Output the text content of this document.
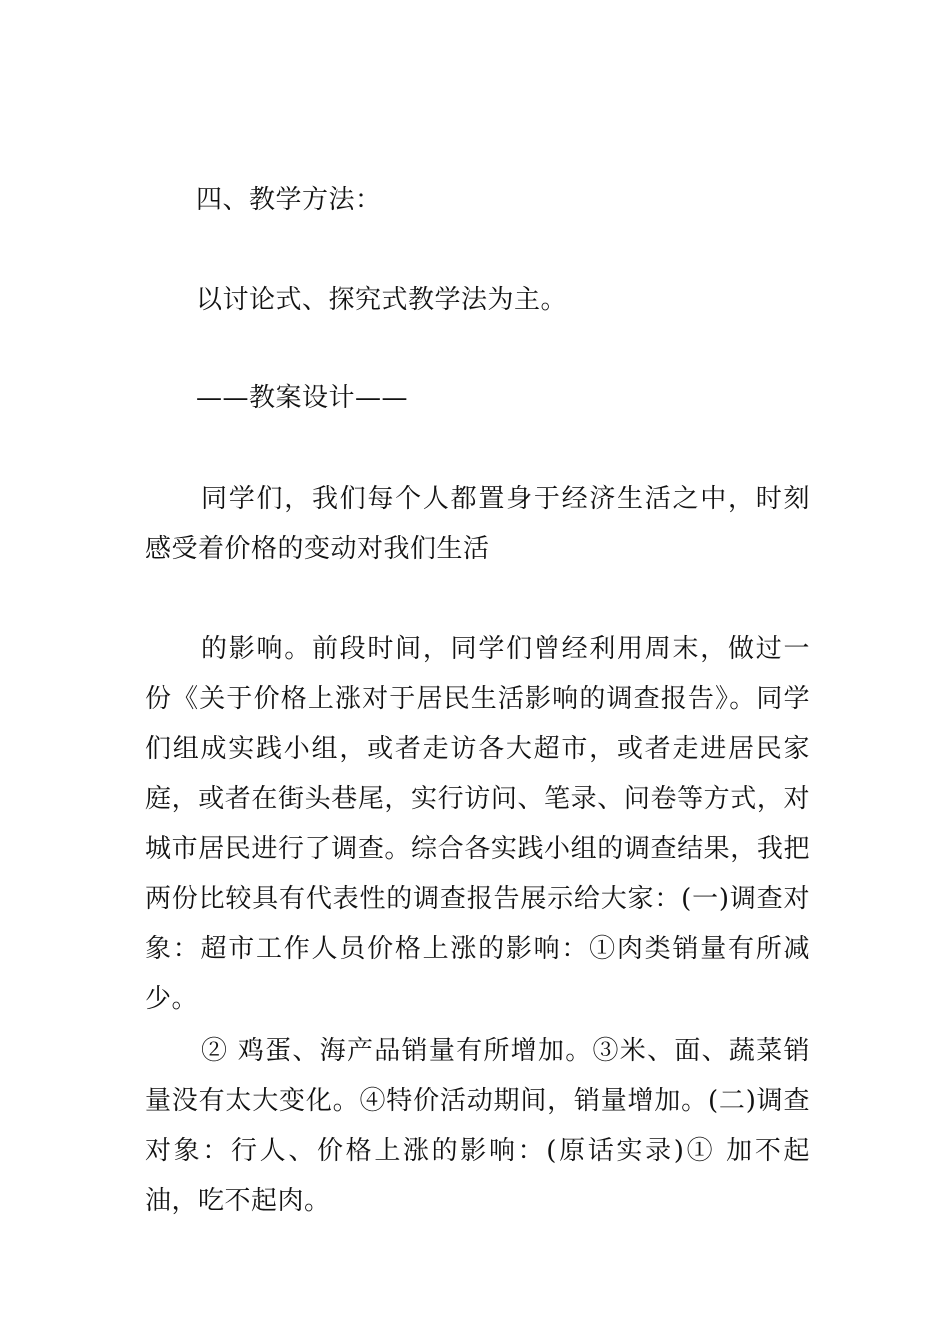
四、教学方法：
以讨论式、探究式教学法为主。
——教案设计——
同学们，我们每个人都置身于经济生活之中，时刻感受着价格的变动对我们生活
的影响。前段时间，同学们曾经利用周末，做过一份《关于价格上涨对于居民生活影响的调查报告》。同学们组成实践小组，或者走访各大超市，或者走进居民家庭，或者在街头巷尾，实行访问、笔录、问卷等方式，对城市居民进行了调查。综合各实践小组的调查结果，我把两份比较具有代表性的调查报告展示给大家：(一)调查对象：超市工作人员价格上涨的影响：①肉类销量有所减少。
② 鸡蛋、海产品销量有所增加。③米、面、蔬菜销量没有太大变化。④特价活动期间，销量增加。(二)调查对象：行人、价格上涨的影响：(原话实录)① 加不起油，吃不起肉。
